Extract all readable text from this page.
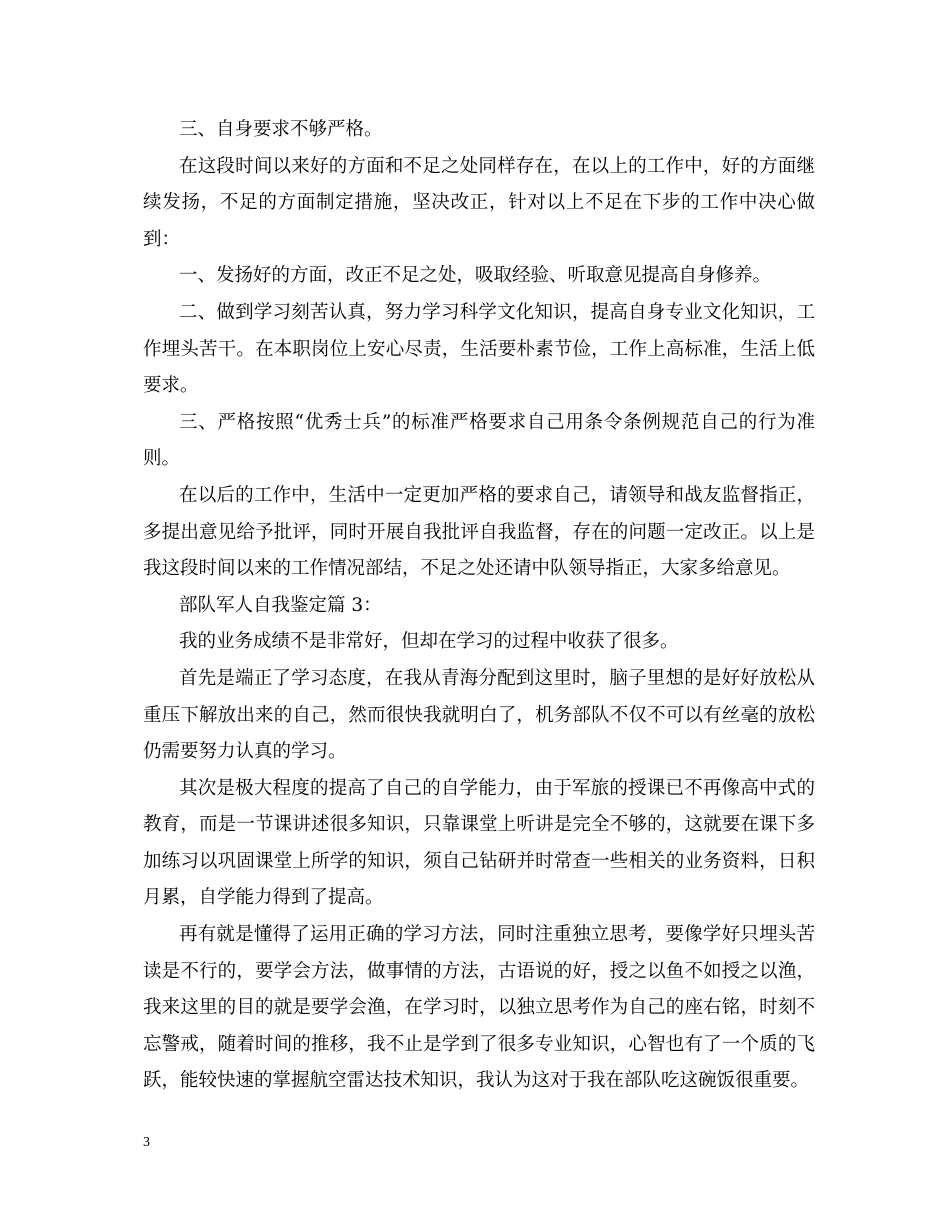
三、自身要求不够严格。

在这段时间以来好的方面和不足之处同样存在，在以上的工作中，好的方面继续发扬，不足的方面制定措施，坚决改正，针对以上不足在下步的工作中决心做到：

一、发扬好的方面，改正不足之处，吸取经验、听取意见提高自身修养。

二、做到学习刻苦认真，努力学习科学文化知识，提高自身专业文化知识，工作埋头苦干。在本职岗位上安心尽责，生活要朴素节俭，工作上高标准，生活上低要求。

三、严格按照“优秀士兵”的标准严格要求自己用条令条例规范自己的行为准则。

在以后的工作中，生活中一定更加严格的要求自己，请领导和战友监督指正，多提出意见给予批评，同时开展自我批评自我监督，存在的问题一定改正。以上是我这段时间以来的工作情况部结，不足之处还请中队领导指正，大家多给意见。

部队军人自我鉴定篇 3：

我的业务成绩不是非常好，但却在学习的过程中收获了很多。

首先是端正了学习态度，在我从青海分配到这里时，脑子里想的是好好放松从重压下解放出来的自己，然而很快我就明白了，机务部队不仅不可以有丝毫的放松仍需要努力认真的学习。

其次是极大程度的提高了自己的自学能力，由于军旅的授课已不再像高中式的教育，而是一节课讲述很多知识，只靠课堂上听讲是完全不够的，这就要在课下多加练习以巩固课堂上所学的知识，须自己钻研并时常查一些相关的业务资料，日积月累，自学能力得到了提高。

再有就是懂得了运用正确的学习方法，同时注重独立思考，要像学好只埋头苦读是不行的，要学会方法，做事情的方法，古语说的好，授之以鱼不如授之以渔，我来这里的目的就是要学会渔，在学习时，以独立思考作为自己的座右铭，时刻不忘警戒，随着时间的推移，我不止是学到了很多专业知识，心智也有了一个质的飞跃，能较快速的掌握航空雷达技术知识，我认为这对于我在部队吃这碗饭很重要。

3
